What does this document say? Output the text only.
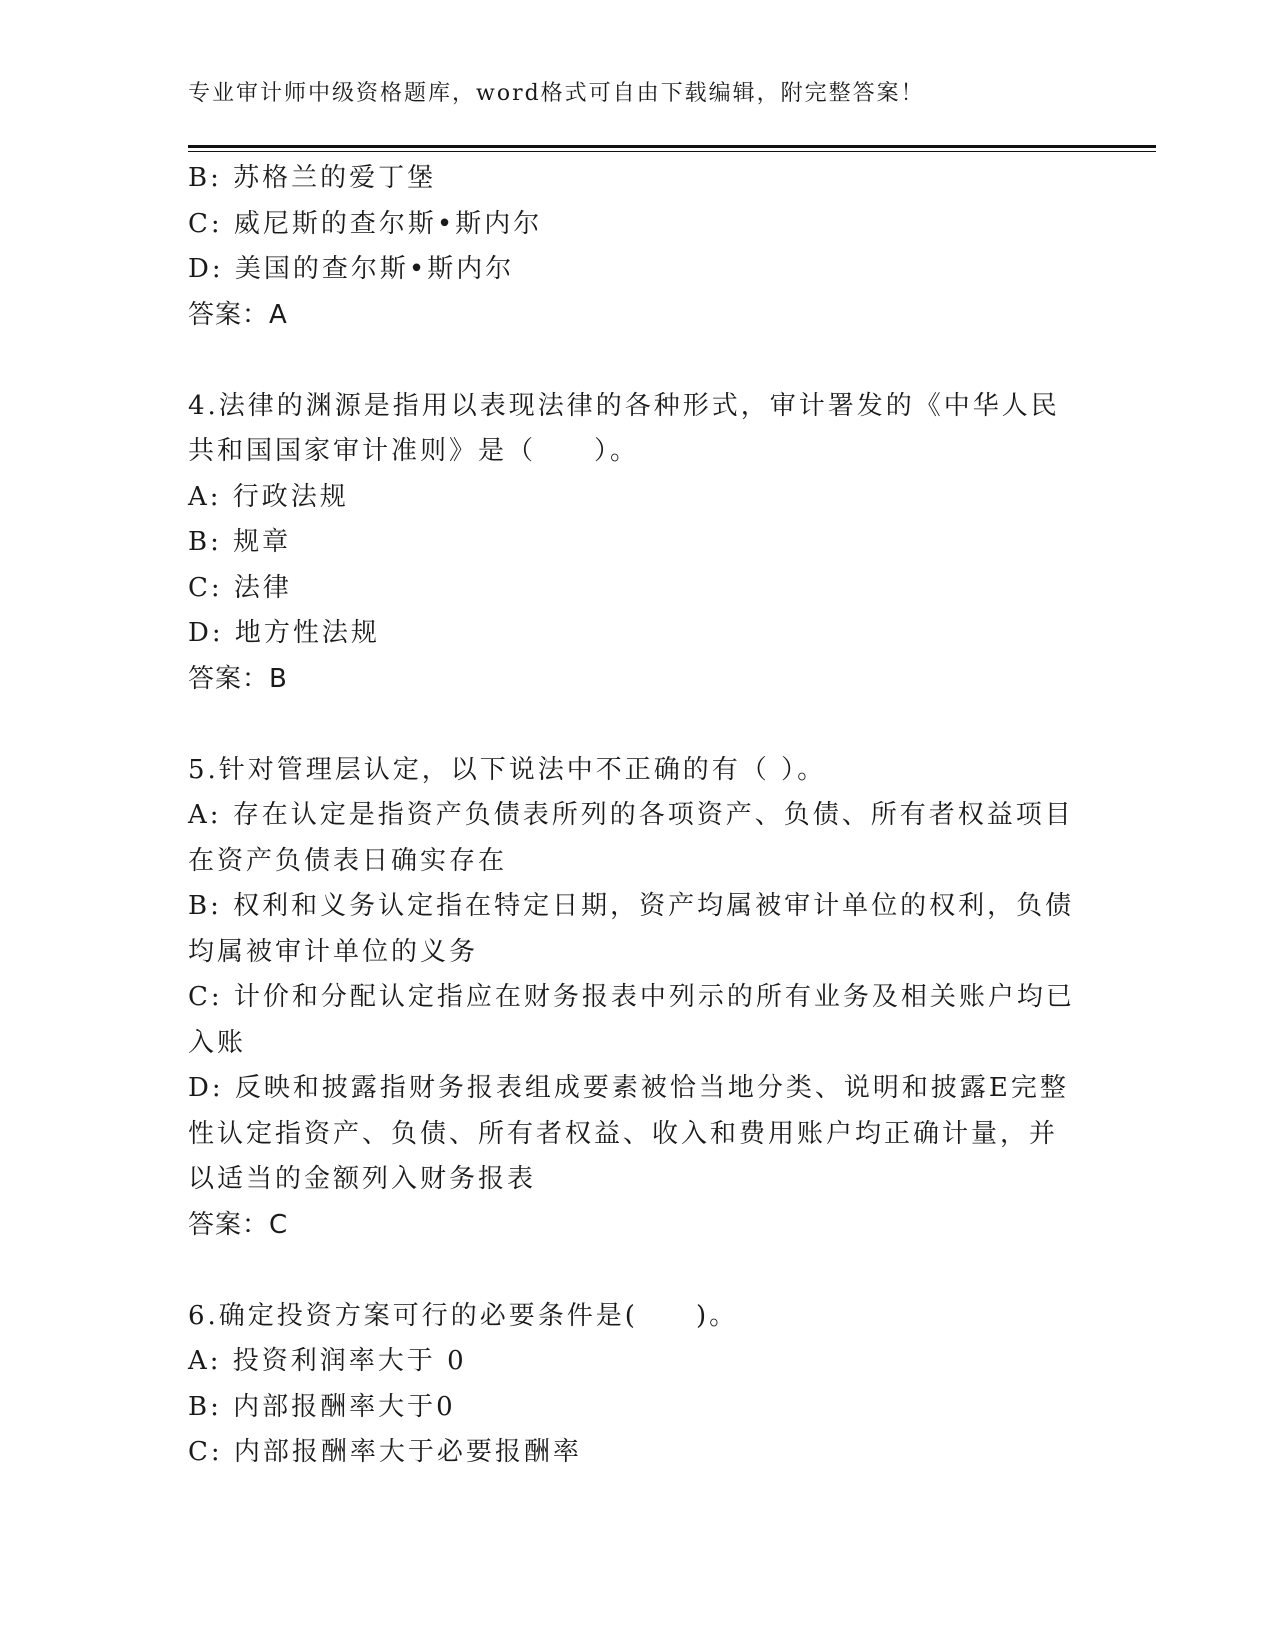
专业审计师中级资格题库，word格式可自由下载编辑，附完整答案！
B: 苏格兰的爱丁堡
C: 威尼斯的查尔斯•斯内尔
D: 美国的查尔斯•斯内尔
答案：A
4.法律的渊源是指用以表现法律的各种形式，审计署发的《中华人民
共和国国家审计准则》是（　　）。
A: 行政法规
B: 规章
C: 法律
D: 地方性法规
答案：B
5.针对管理层认定，以下说法中不正确的有（ ）。
A: 存在认定是指资产负债表所列的各项资产、负债、所有者权益项目
在资产负债表日确实存在
B: 权利和义务认定指在特定日期，资产均属被审计单位的权利，负债
均属被审计单位的义务
C: 计价和分配认定指应在财务报表中列示的所有业务及相关账户均已
入账
D: 反映和披露指财务报表组成要素被恰当地分类、说明和披露E完整
性认定指资产、负债、所有者权益、收入和费用账户均正确计量，并
以适当的金额列入财务报表
答案：C
6.确定投资方案可行的必要条件是(　　)。
A: 投资利润率大于 0
B: 内部报酬率大于0
C: 内部报酬率大于必要报酬率
